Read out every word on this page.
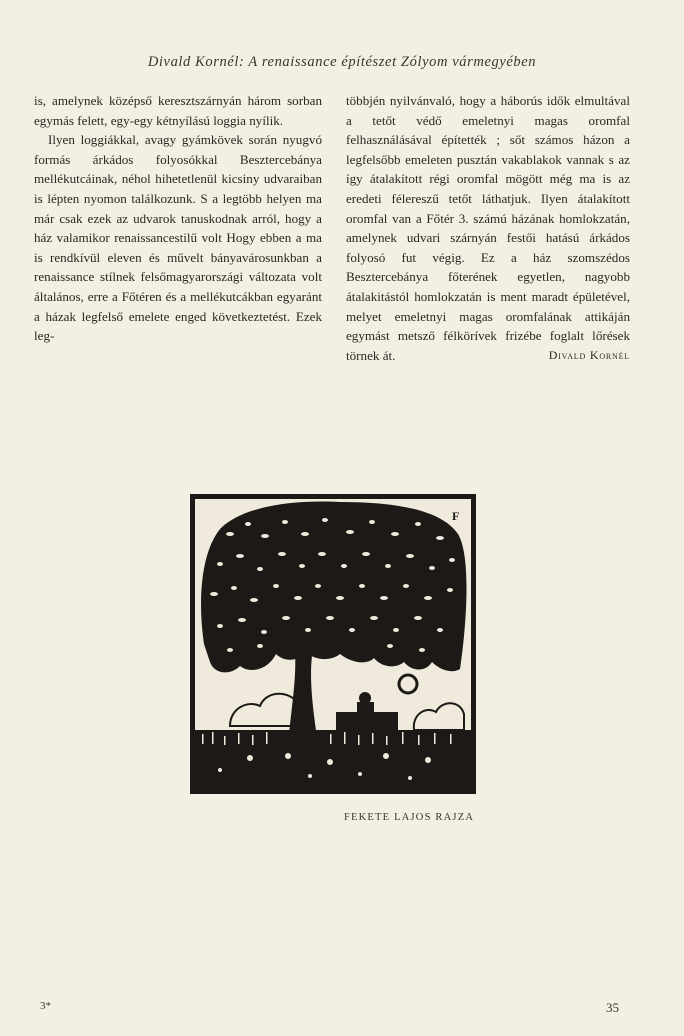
Divald Kornél: A renaissance építészet Zólyom vármegyében

is, amelynek középső keresztszárnyán három sorban egymás felett, egy-egy kétnyílású loggia nyílik.

Ilyen loggiákkal, avagy gyámkövek során nyugvó formás árkádos folyosókkal Besztercebánya mellékutcáinak, néhol hihetetlenül kicsiny udvaraiban is lépten nyomon találkozunk. S a legtöbb helyen ma már csak ezek az udvarok tanuskodnak arról, hogy a ház valamikor renaissancestilű volt Hogy ebben a ma is rendkívül eleven és művelt bányavárosunkban a renaissance stílnek felsőmagyarországi változata volt általános, erre a Főtéren és a mellékutcákban egyaránt a házak legfelső emelete enged következtetést. Ezek leg-

többjén nyilvánvaló, hogy a háborús idők elmultával a tetőt védő emeletnyi magas oromfal felhasználásával építették ; sőt számos házon a legfelsőbb emeleten pusztán vakablakok vannak s az így átalakított régi oromfal mögött még ma is az eredeti félereszű tetőt láthatjuk. Ilyen átalakított oromfal van a Főtér 3. számú házának homlokzatán, amelynek udvari szárnyán festői hatású árkádos folyosó fut végig. Ez a ház szomszédos Besztercebánya főterének egyetlen, nagyobb átalakitástól homlokzatán is ment maradt épületével, melyet emeletnyi magas oromfalának attikáján egymást metsző félkörívek frizébe foglalt lőrések törnek át.	Divald Kornél
F
FEKETE LAJOS RAJZA
3*	35
